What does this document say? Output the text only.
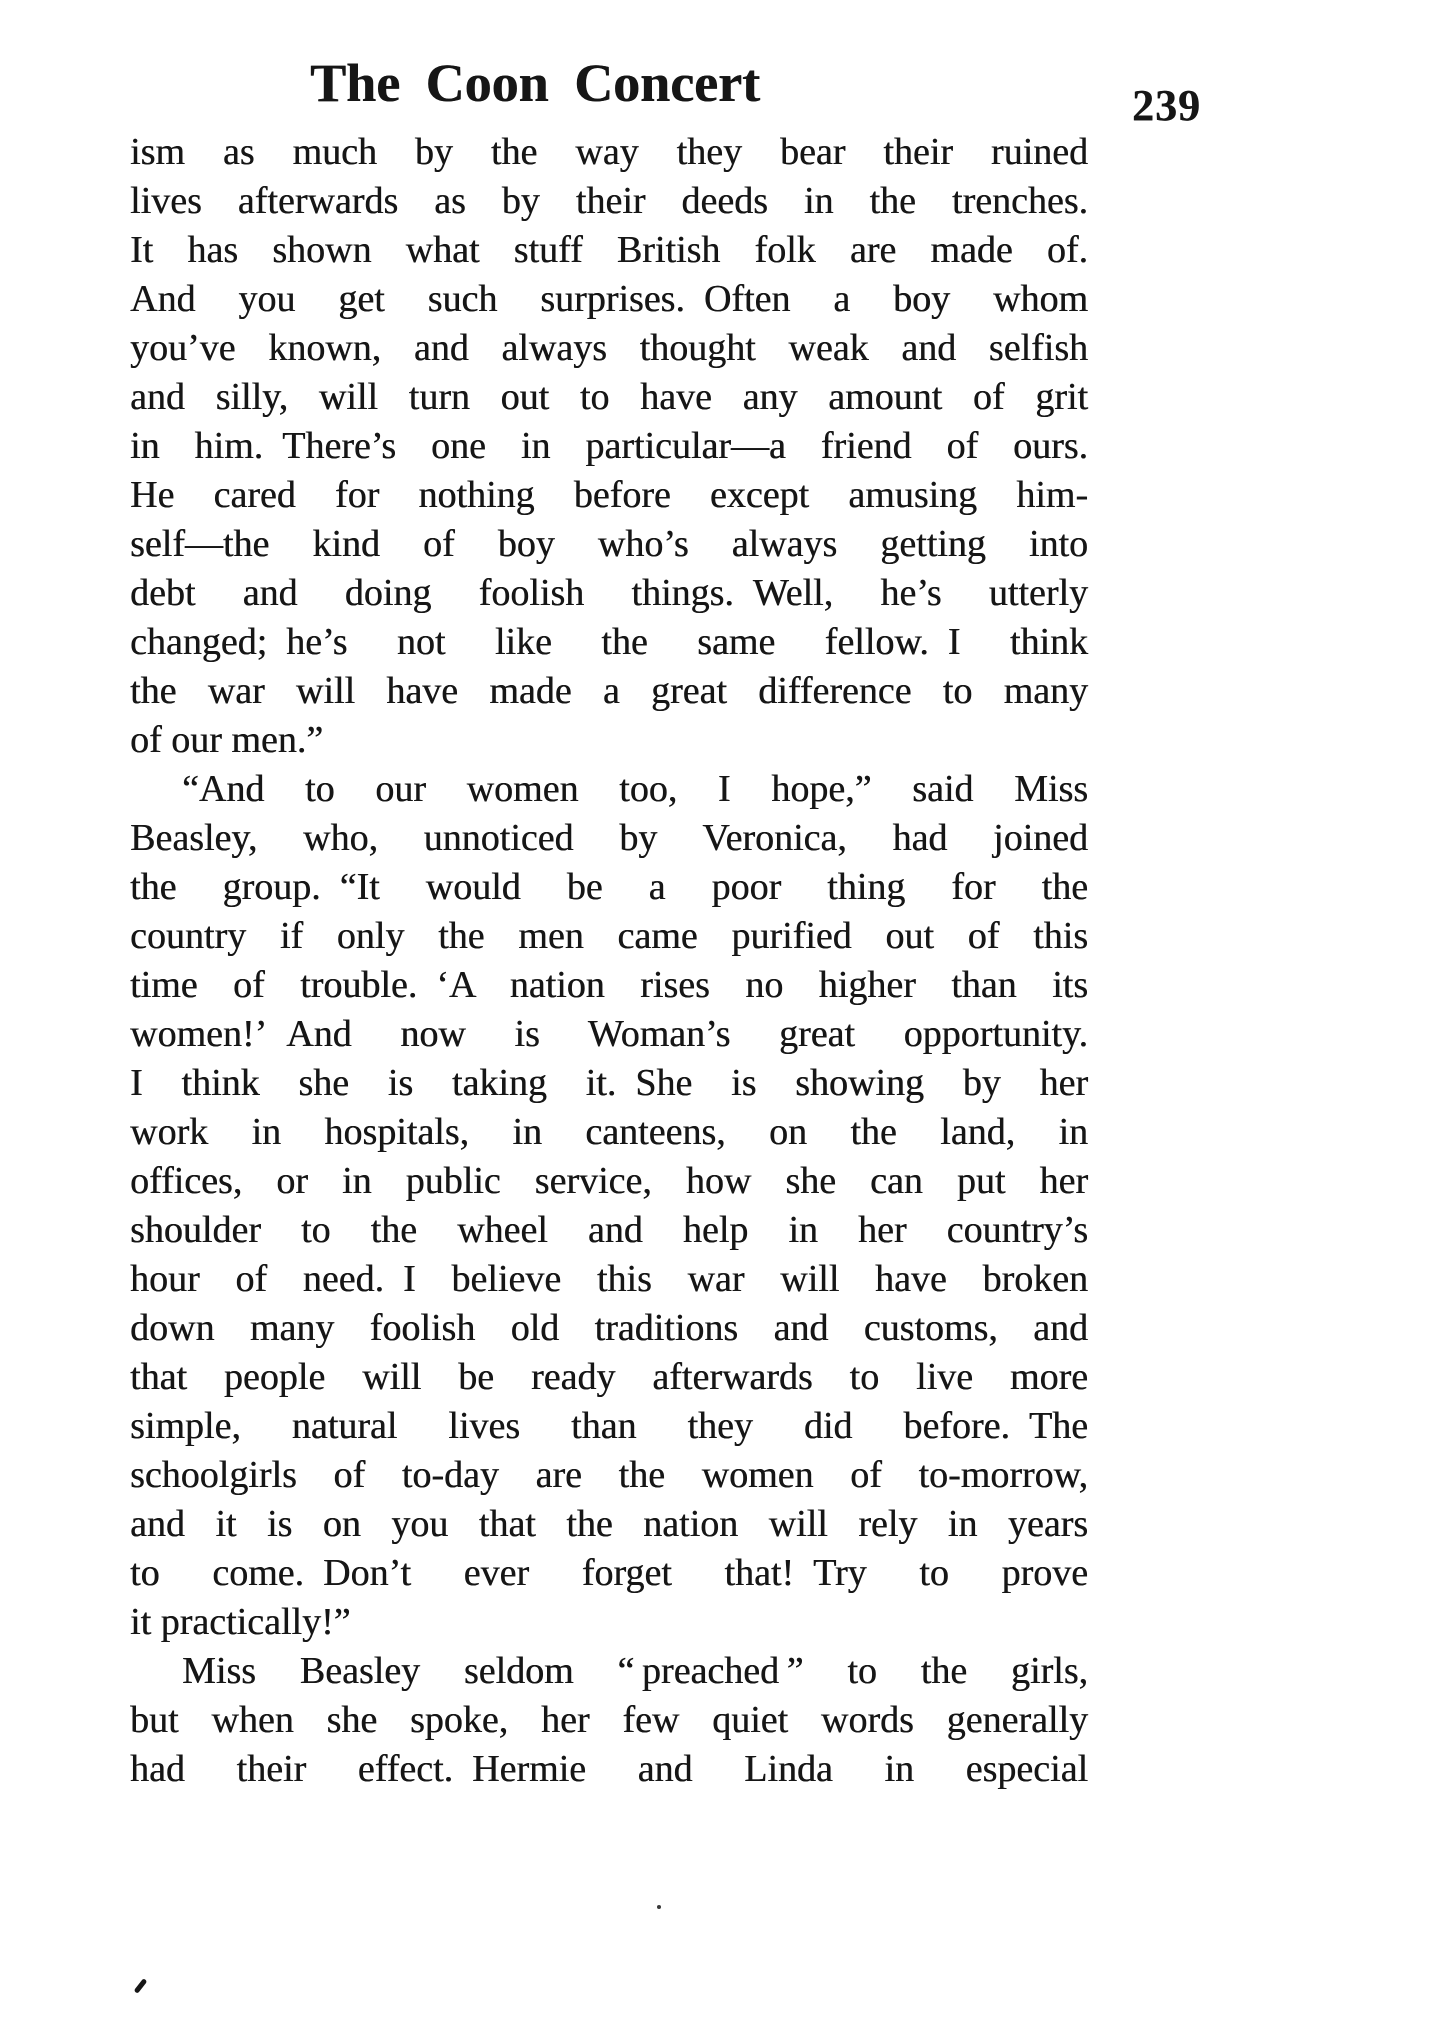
The Coon Concert	239
ism as much by the way they bear their ruined
lives afterwards as by their deeds in the trenches.
It has shown what stuff British folk are made of.
And you get such surprises. Often a boy whom
you’ve known, and always thought weak and selfish
and silly, will turn out to have any amount of grit
in him. There’s one in particular—a friend of ours.
He cared for nothing before except amusing him-
self—the kind of boy who’s always getting into
debt and doing foolish things. Well, he’s utterly
changed; he’s not like the same fellow. I think
the war will have made a great difference to many
of our men.”
“And to our women too, I hope,” said Miss
Beasley, who, unnoticed by Veronica, had joined
the group. “It would be a poor thing for the
country if only the men came purified out of this
time of trouble. ‘A nation rises no higher than its
women!’ And now is Woman’s great opportunity.
I think she is taking it. She is showing by her
work in hospitals, in canteens, on the land, in
offices, or in public service, how she can put her
shoulder to the wheel and help in her country’s
hour of need. I believe this war will have broken
down many foolish old traditions and customs, and
that people will be ready afterwards to live more
simple, natural lives than they did before. The
schoolgirls of to-day are the women of to-morrow,
and it is on you that the nation will rely in years
to come. Don’t ever forget that! Try to prove
it practically!”
Miss Beasley seldom “ preached ” to the girls,
but when she spoke, her few quiet words generally
had their effect. Hermie and Linda in especial
